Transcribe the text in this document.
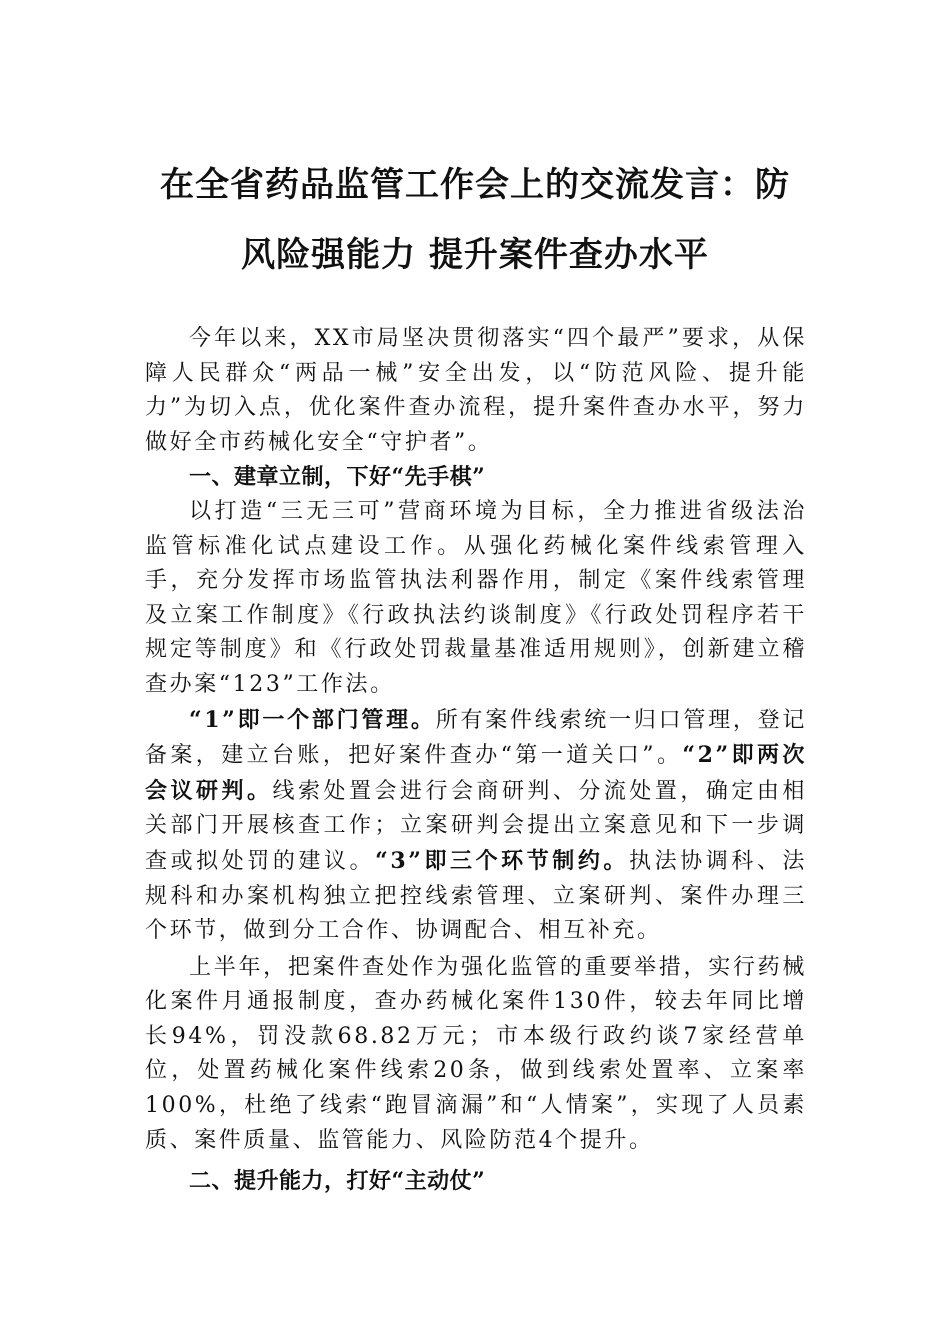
在全省药品监管工作会上的交流发言：防
风险强能力 提升案件查办水平

今年以来，XX市局坚决贯彻落实“四个最严”要求，从保障人民群众“两品一械”安全出发，以“防范风险、提升能力”为切入点，优化案件查办流程，提升案件查办水平，努力做好全市药械化安全“守护者”。

一、建章立制，下好“先手棋”

以打造“三无三可”营商环境为目标，全力推进省级法治监管标准化试点建设工作。从强化药械化案件线索管理入手，充分发挥市场监管执法利器作用，制定《案件线索管理及立案工作制度》《行政执法约谈制度》《行政处罚程序若干规定等制度》和《行政处罚裁量基准适用规则》，创新建立稽查办案“123”工作法。

“1”即一个部门管理。所有案件线索统一归口管理，登记备案，建立台账，把好案件查办“第一道关口”。“2”即两次会议研判。线索处置会进行会商研判、分流处置，确定由相关部门开展核查工作；立案研判会提出立案意见和下一步调查或拟处罚的建议。“3”即三个环节制约。执法协调科、法规科和办案机构独立把控线索管理、立案研判、案件办理三个环节，做到分工合作、协调配合、相互补充。

上半年，把案件查处作为强化监管的重要举措，实行药械化案件月通报制度，查办药械化案件130件，较去年同比增长94%，罚没款68.82万元；市本级行政约谈7家经营单位，处置药械化案件线索20条，做到线索处置率、立案率100%，杜绝了线索“跑冒滴漏”和“人情案”，实现了人员素质、案件质量、监管能力、风险防范4个提升。

二、提升能力，打好“主动仗”
